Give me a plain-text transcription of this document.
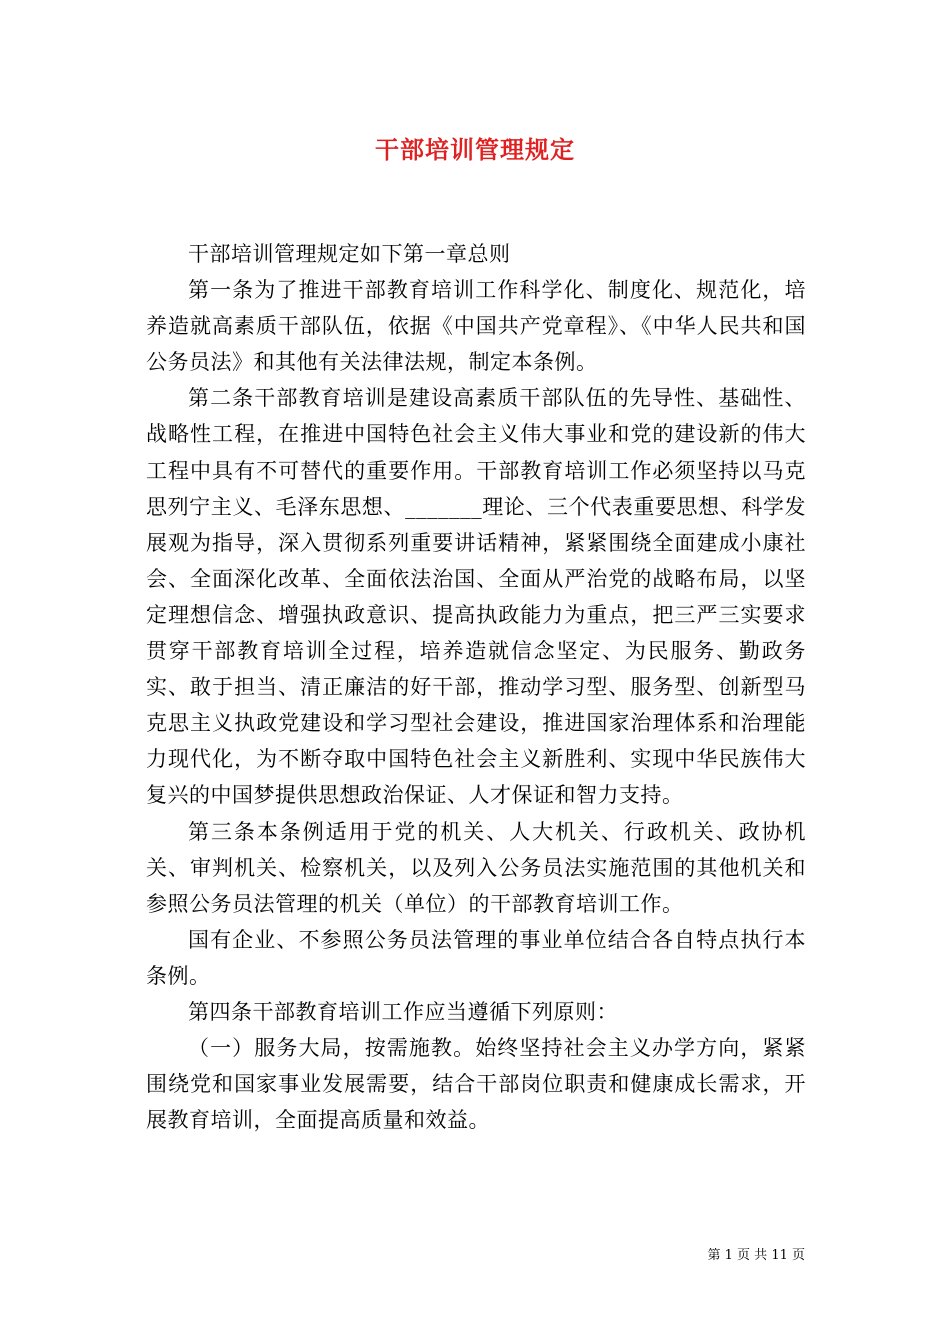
干部培训管理规定

干部培训管理规定如下第一章总则

第一条为了推进干部教育培训工作科学化、制度化、规范化，培养造就高素质干部队伍，依据《中国共产党章程》、《中华人民共和国公务员法》和其他有关法律法规，制定本条例。

第二条干部教育培训是建设高素质干部队伍的先导性、基础性、战略性工程，在推进中国特色社会主义伟大事业和党的建设新的伟大工程中具有不可替代的重要作用。干部教育培训工作必须坚持以马克思列宁主义、毛泽东思想、_______理论、三个代表重要思想、科学发展观为指导，深入贯彻系列重要讲话精神，紧紧围绕全面建成小康社会、全面深化改革、全面依法治国、全面从严治党的战略布局，以坚定理想信念、增强执政意识、提高执政能力为重点，把三严三实要求贯穿干部教育培训全过程，培养造就信念坚定、为民服务、勤政务实、敢于担当、清正廉洁的好干部，推动学习型、服务型、创新型马克思主义执政党建设和学习型社会建设，推进国家治理体系和治理能力现代化，为不断夺取中国特色社会主义新胜利、实现中华民族伟大复兴的中国梦提供思想政治保证、人才保证和智力支持。

第三条本条例适用于党的机关、人大机关、行政机关、政协机关、审判机关、检察机关，以及列入公务员法实施范围的其他机关和参照公务员法管理的机关（单位）的干部教育培训工作。

国有企业、不参照公务员法管理的事业单位结合各自特点执行本条例。

第四条干部教育培训工作应当遵循下列原则：

（一）服务大局，按需施教。始终坚持社会主义办学方向，紧紧围绕党和国家事业发展需要，结合干部岗位职责和健康成长需求，开展教育培训，全面提高质量和效益。

第 1 页 共 11 页
